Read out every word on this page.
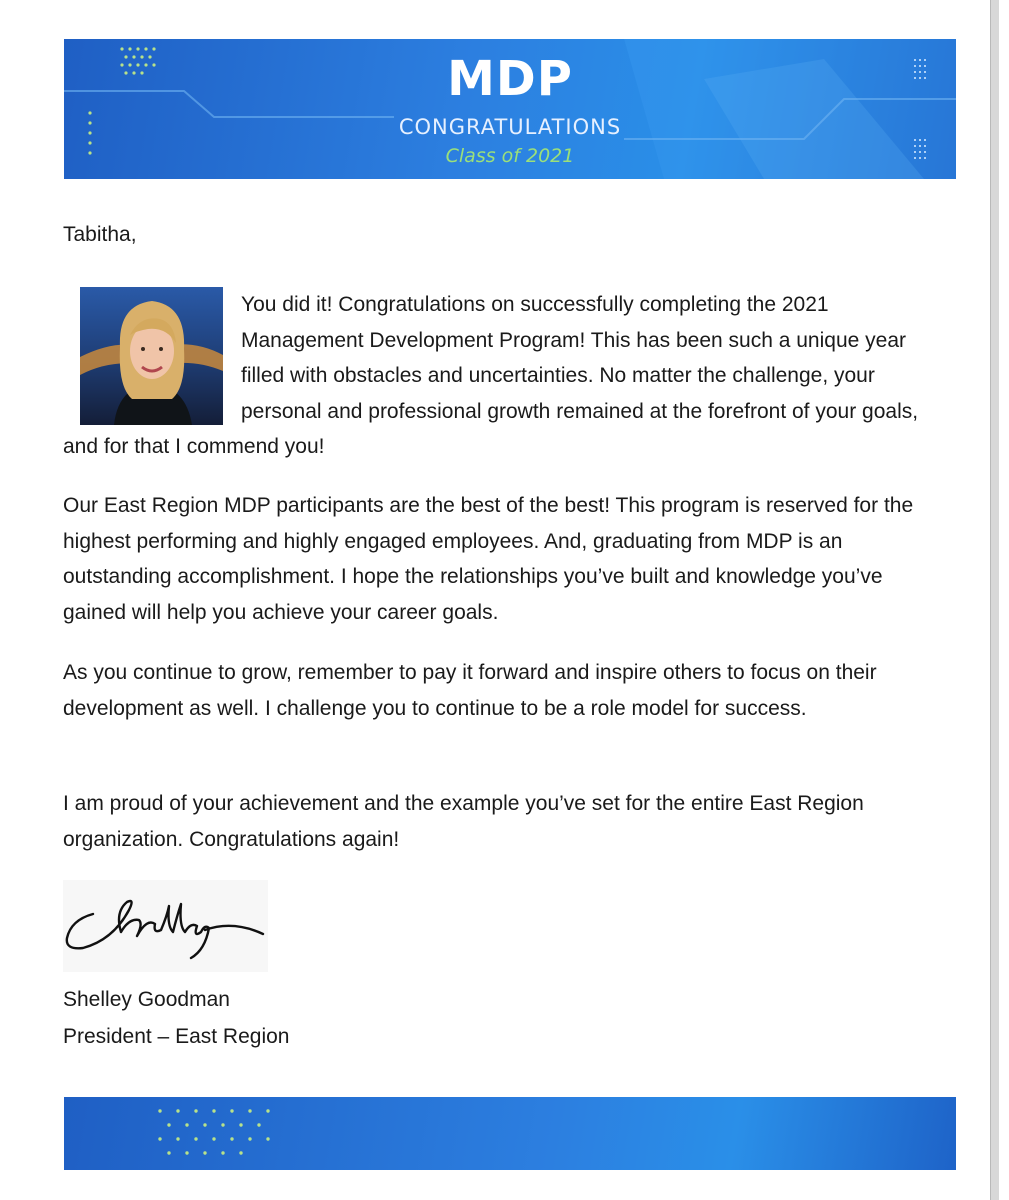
MDP
CONGRATULATIONS
Class of 2021
Tabitha,
You did it! Congratulations on successfully completing the 2021 Management Development Program! This has been such a unique year filled with obstacles and uncertainties. No matter the challenge, your personal and professional growth remained at the forefront of your goals, and for that I commend you!
Our East Region MDP participants are the best of the best! This program is reserved for the highest performing and highly engaged employees. And, graduating from MDP is an outstanding accomplishment. I hope the relationships you’ve built and knowledge you’ve gained will help you achieve your career goals.
As you continue to grow, remember to pay it forward and inspire others to focus on their development as well. I challenge you to continue to be a role model for success.
I am proud of your achievement and the example you’ve set for the entire East Region organization. Congratulations again!
Shelley Goodman
President – East Region
